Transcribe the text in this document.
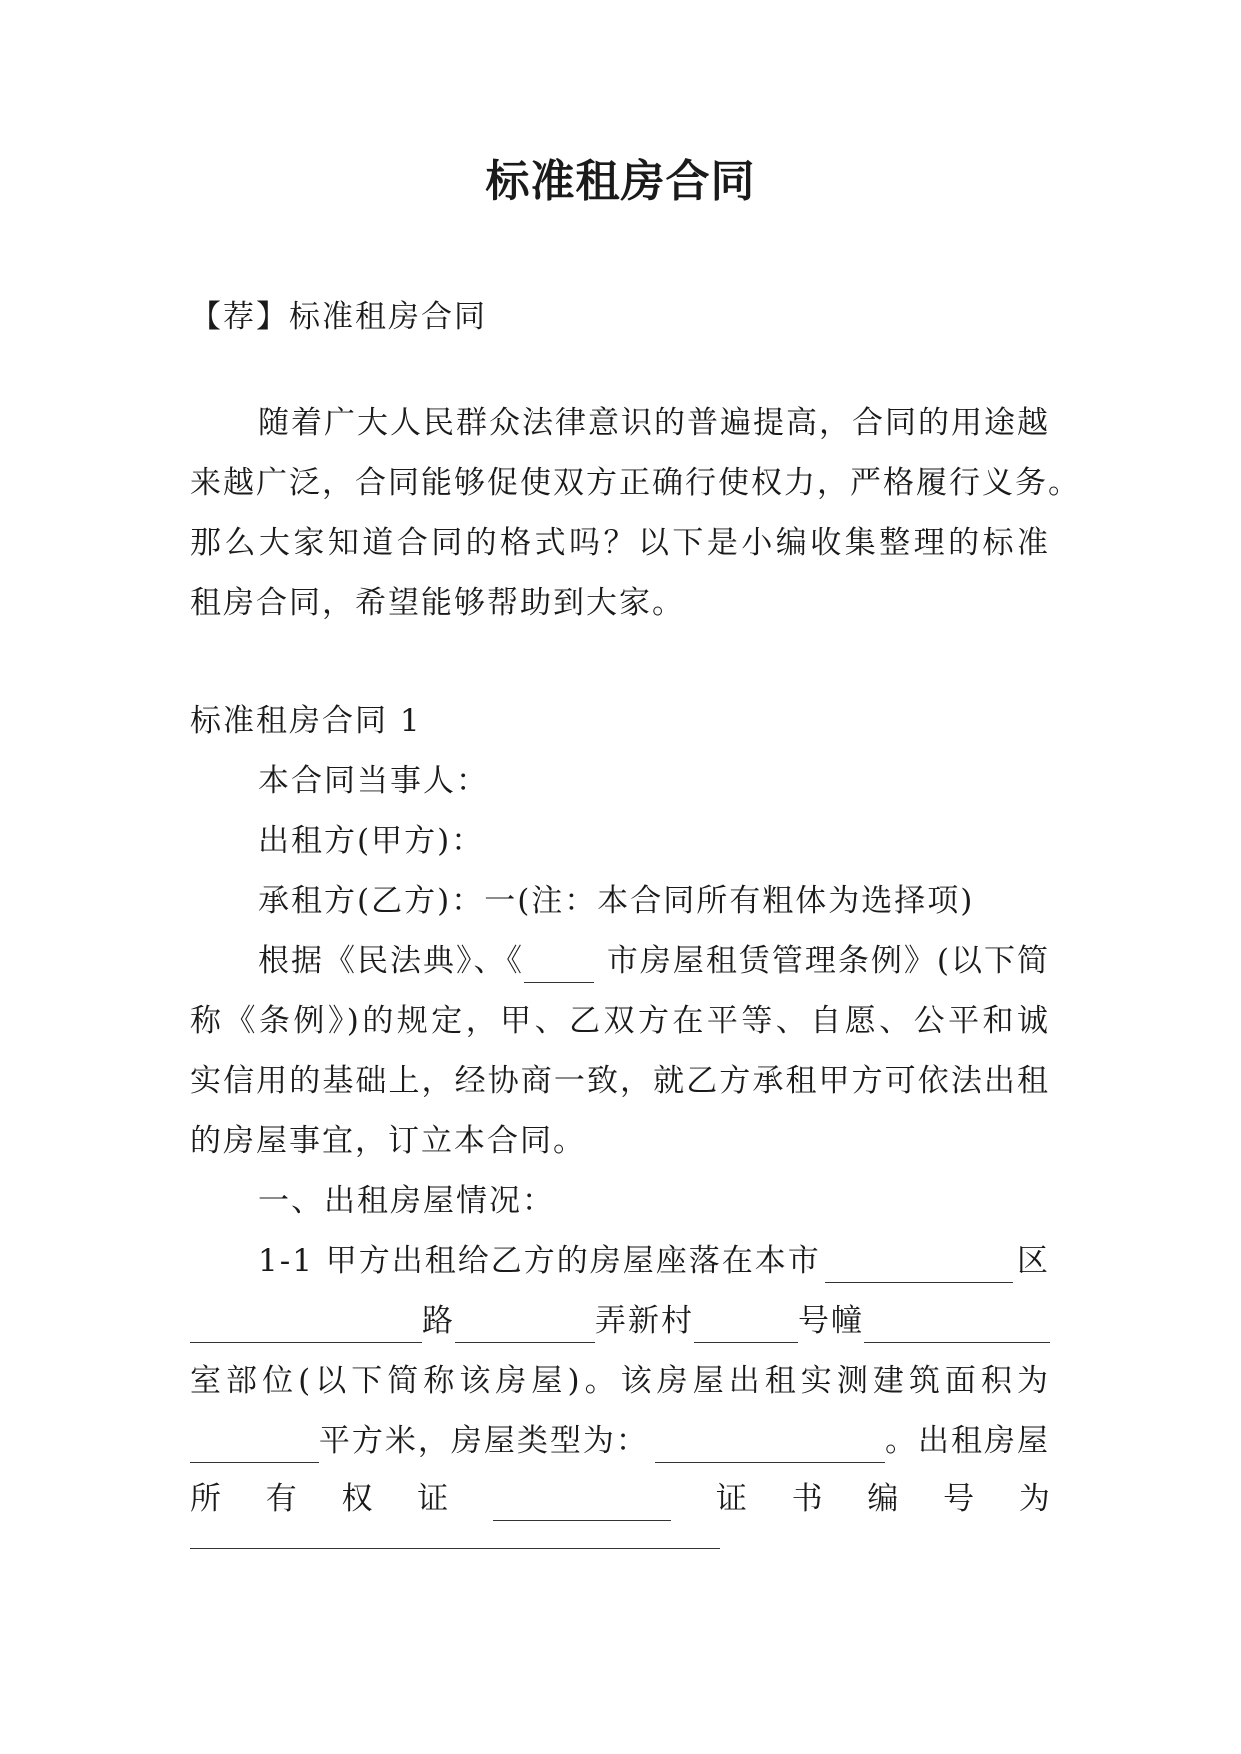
标准租房合同
【荐】标准租房合同
随着广大人民群众法律意识的普遍提高，合同的用途越
来越广泛，合同能够促使双方正确行使权力，严格履行义务。
那么大家知道合同的格式吗？以下是小编收集整理的标准
租房合同，希望能够帮助到大家。
标准租房合同 1
本合同当事人：
出租方(甲方)：
承租方(乙方)：一(注：本合同所有粗体为选择项)
根据《民法典》、《	市房屋租赁管理条例》(以下简
称《条例》)的规定，甲、乙双方在平等、自愿、公平和诚
实信用的基础上，经协商一致，就乙方承租甲方可依法出租
的房屋事宜，订立本合同。
一、出租房屋情况：
1-1 甲方出租给乙方的房屋座落在本市	区
路	弄新村	号幢
室部位(以下简称该房屋)。该房屋出租实测建筑面积为
平方米，房屋类型为：	。出租房屋
所 有 权 证	证 书 编 号 为
